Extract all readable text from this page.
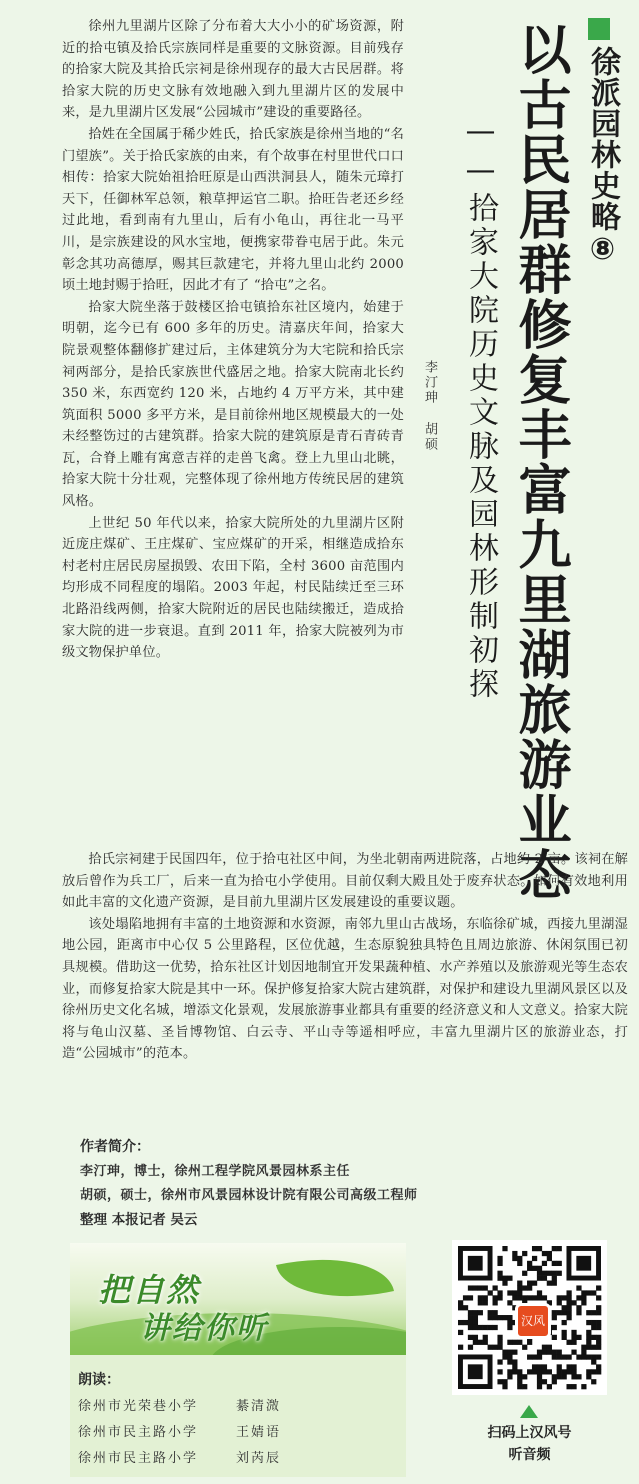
徐州九里湖片区除了分布着大大小小的矿场资源，附近的拾屯镇及拾氏宗族同样是重要的文脉资源。目前残存的拾家大院及其拾氏宗祠是徐州现存的最大古民居群。将拾家大院的历史文脉有效地融入到九里湖片区的发展中来，是九里湖片区发展“公园城市”建设的重要路径。

拾姓在全国属于稀少姓氏，拾氏家族是徐州当地的“名门望族”。关于拾氏家族的由来，有个故事在村里世代口口相传：拾家大院始祖拾旺原是山西洪洞县人，随朱元璋打天下，任御林军总领，粮草押运官二职。拾旺告老还乡经过此地，看到南有九里山，后有小龟山，再往北一马平川，是宗族建设的风水宝地，便携家带眷屯居于此。朱元彰念其功高德厚，赐其巨款建宅，并将九里山北约 2000 顷土地封赐于拾旺，因此才有了 “拾屯”之名。

拾家大院坐落于鼓楼区拾屯镇拾东社区境内，始建于明朝，迄今已有 600 多年的历史。清嘉庆年间，拾家大院景观整体翻修扩建过后，主体建筑分为大宅院和拾氏宗祠两部分，是拾氏家族世代盛居之地。拾家大院南北长约 350 米，东西宽约 120 米，占地约 4 万平方米，其中建筑面积 5000 多平方米，是目前徐州地区规模最大的一处未经整饬过的古建筑群。拾家大院的建筑原是青石青砖青瓦，合脊上雕有寓意吉祥的走兽飞禽。登上九里山北眺，拾家大院十分壮观，完整体现了徐州地方传统民居的建筑风格。

上世纪 50 年代以来，拾家大院所处的九里湖片区附近庞庄煤矿、王庄煤矿、宝应煤矿的开采，相继造成拾东村老村庄居民房屋损毁、农田下陷，全村 3600 亩范围内均形成不同程度的塌陷。2003 年起，村民陆续迁至三环北路沿线两侧，拾家大院附近的居民也陆续搬迁，造成拾家大院的进一步衰退。直到 2011 年，拾家大院被列为市级文物保护单位。

徐派园林史略⑧
以古民居群修复丰富九里湖旅游业态
——拾家大院历史文脉及园林形制初探
李汀珅 胡硕

拾氏宗祠建于民国四年，位于拾屯社区中间，为坐北朝南两进院落，占地约 2 亩。该祠在解放后曾作为兵工厂，后来一直为拾屯小学使用。目前仅剩大殿且处于废弃状态。如何有效地利用如此丰富的文化遗产资源，是目前九里湖片区发展建设的重要议题。

该处塌陷地拥有丰富的土地资源和水资源，南邻九里山古战场，东临徐矿城，西接九里湖湿地公园，距离市中心仅 5 公里路程，区位优越，生态原貌独具特色且周边旅游、休闲氛围已初具规模。借助这一优势，拾东社区计划因地制宜开发果蔬种植、水产养殖以及旅游观光等生态农业，而修复拾家大院是其中一环。保护修复拾家大院古建筑群，对保护和建设九里湖风景区以及徐州历史文化名城，增添文化景观，发展旅游事业都具有重要的经济意义和人文意义。拾家大院将与龟山汉墓、圣旨博物馆、白云寺、平山寺等遥相呼应，丰富九里湖片区的旅游业态，打造“公园城市”的范本。

作者简介：
李汀珅，博士，徐州工程学院风景园林系主任
胡硕，硕士，徐州市风景园林设计院有限公司高级工程师
整理 本报记者 吴云
把自然
讲给你听
朗读：
徐州市光荣巷小学	綦清溦
徐州市民主路小学	王婧语
徐州市民主路小学	刘芮辰
汉风
扫码上汉风号
听音频
